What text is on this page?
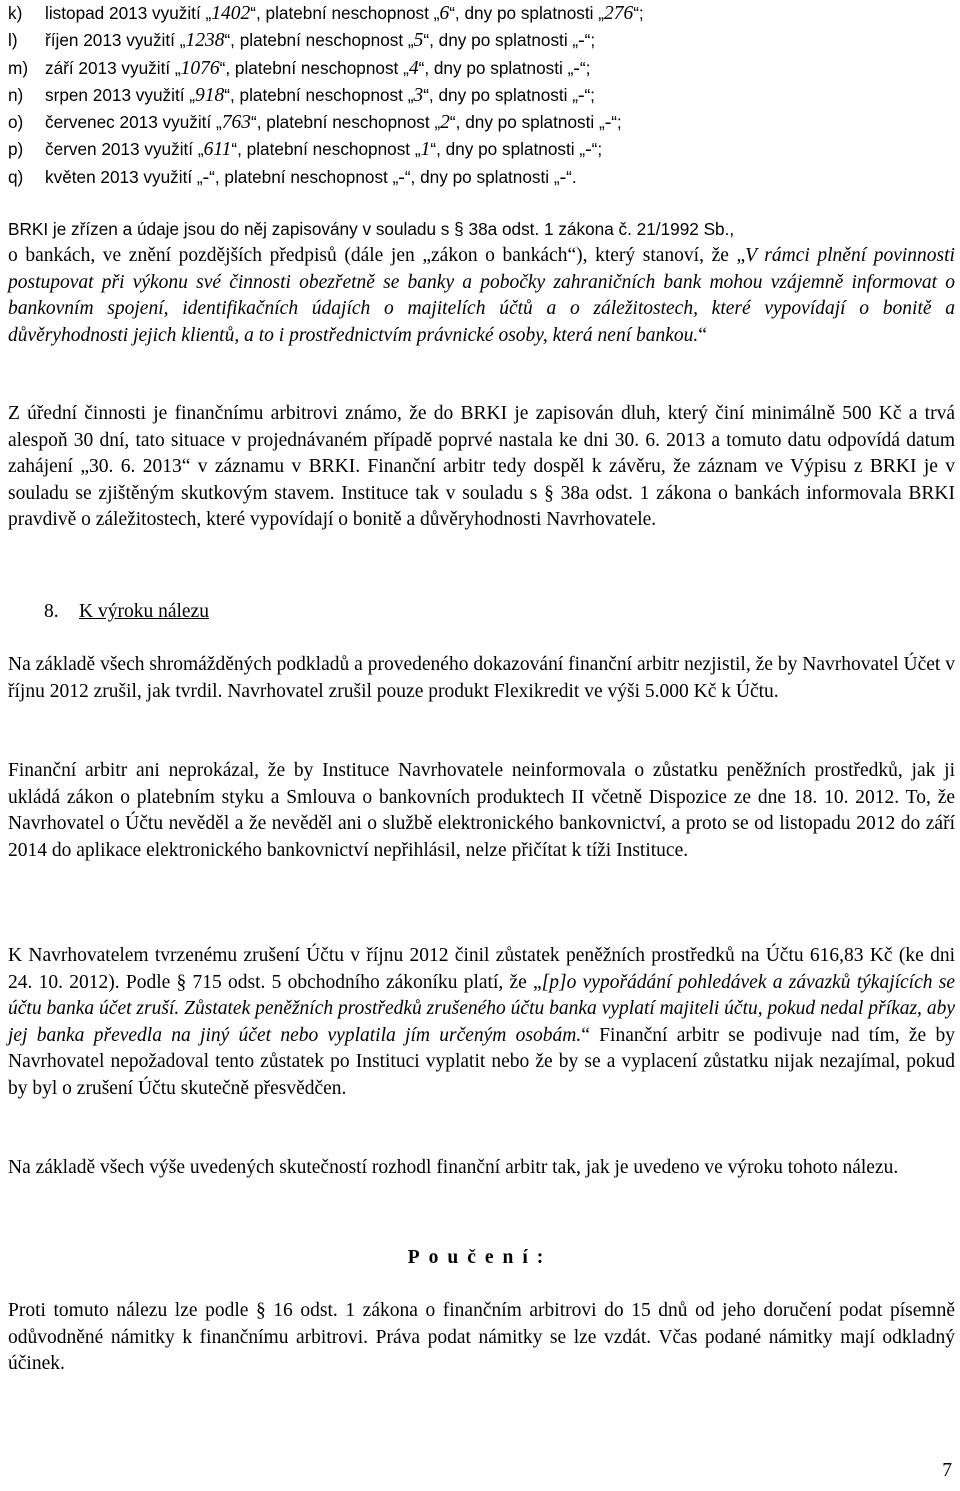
k)	listopad 2013 využití „1402“, platební neschopnost „6“, dny po splatnosti „276“;
l)	říjen 2013 využití „1238“, platební neschopnost „5“, dny po splatnosti „-“;
m) září 2013 využití „1076“, platební neschopnost „4“, dny po splatnosti „-“;
n)	srpen 2013 využití „918“, platební neschopnost „3“, dny po splatnosti „-“;
o)	červenec 2013 využití „763“, platební neschopnost „2“, dny po splatnosti „-“;
p)	červen 2013 využití „611“, platební neschopnost „1“, dny po splatnosti „-“;
q)	květen 2013 využití „-“, platební neschopnost „-“, dny po splatnosti „-“.
BRKI je zřízen a údaje jsou do něj zapisovány v souladu s § 38a odst. 1 zákona č. 21/1992 Sb.,
o bankách, ve znění pozdějších předpisů (dále jen „zákon o bankách“), který stanoví, že „V rámci plnění povinnosti postupovat při výkonu své činnosti obezřetně se banky a pobočky zahraničních bank mohou vzájemně informovat o bankovním spojení, identifikačních údajích o majitelích účtů a o záležitostech, které vypovídají o bonitě a důvěryhodnosti jejich klientů, a to i prostřednictvím právnické osoby, která není bankou.“
Z úřední činnosti je finančnímu arbitrovi známo, že do BRKI je zapisován dluh, který činí minimálně 500 Kč a trvá alespoň 30 dní, tato situace v projednávaném případě poprvé nastala ke dni 30. 6. 2013 a tomuto datu odpovídá datum zahájení „30. 6. 2013“ v záznamu v BRKI. Finanční arbitr tedy dospěl k závěru, že záznam ve Výpisu z BRKI je v souladu se zjištěným skutkovým stavem. Instituce tak v souladu s § 38a odst. 1 zákona o bankách informovala BRKI pravdivě o záležitostech, které vypovídají o bonitě a důvěryhodnosti Navrhovatele.
8. K výroku nálezu
Na základě všech shromážděných podkladů a provedeného dokazování finanční arbitr nezjistil, že by Navrhovatel Účet v říjnu 2012 zrušil, jak tvrdil. Navrhovatel zrušil pouze produkt Flexikredit ve výši 5.000 Kč k Účtu.
Finanční arbitr ani neprokázal, že by Instituce Navrhovatele neinformovala o zůstatku peněžních prostředků, jak ji ukládá zákon o platebním styku a Smlouva o bankovních produktech II včetně Dispozice ze dne 18. 10. 2012. To, že Navrhovatel o Účtu nevěděl a že nevěděl ani o službě elektronického bankovnictví, a proto se od listopadu 2012 do září 2014 do aplikace elektronického bankovnictví nepřihlásil, nelze přičítat k tíži Instituce.
K Navrhovatelem tvrzenému zrušení Účtu v říjnu 2012 činil zůstatek peněžních prostředků na Účtu 616,83 Kč (ke dni 24. 10. 2012). Podle § 715 odst. 5 obchodního zákoníku platí, že „[p]o vypořádání pohledávek a závazků týkajících se účtu banka účet zruší. Zůstatek peněžních prostředků zrušeného účtu banka vyplatí majiteli účtu, pokud nedal příkaz, aby jej banka převedla na jiný účet nebo vyplatila jím určeným osobám.“ Finanční arbitr se podivuje nad tím, že by Navrhovatel nepožadoval tento zůstatek po Instituci vyplatit nebo že by se a vyplacení zůstatku nijak nezajímal, pokud by byl o zrušení Účtu skutečně přesvědčen.
Na základě všech výše uvedených skutečností rozhodl finanční arbitr tak, jak je uvedeno ve výroku tohoto nálezu.
Poučení:
Proti tomuto nálezu lze podle § 16 odst. 1 zákona o finančním arbitrovi do 15 dnů od jeho doručení podat písemně odůvodněné námitky k finančnímu arbitrovi. Práva podat námitky se lze vzdát. Včas podané námitky mají odkladný účinek.
7
